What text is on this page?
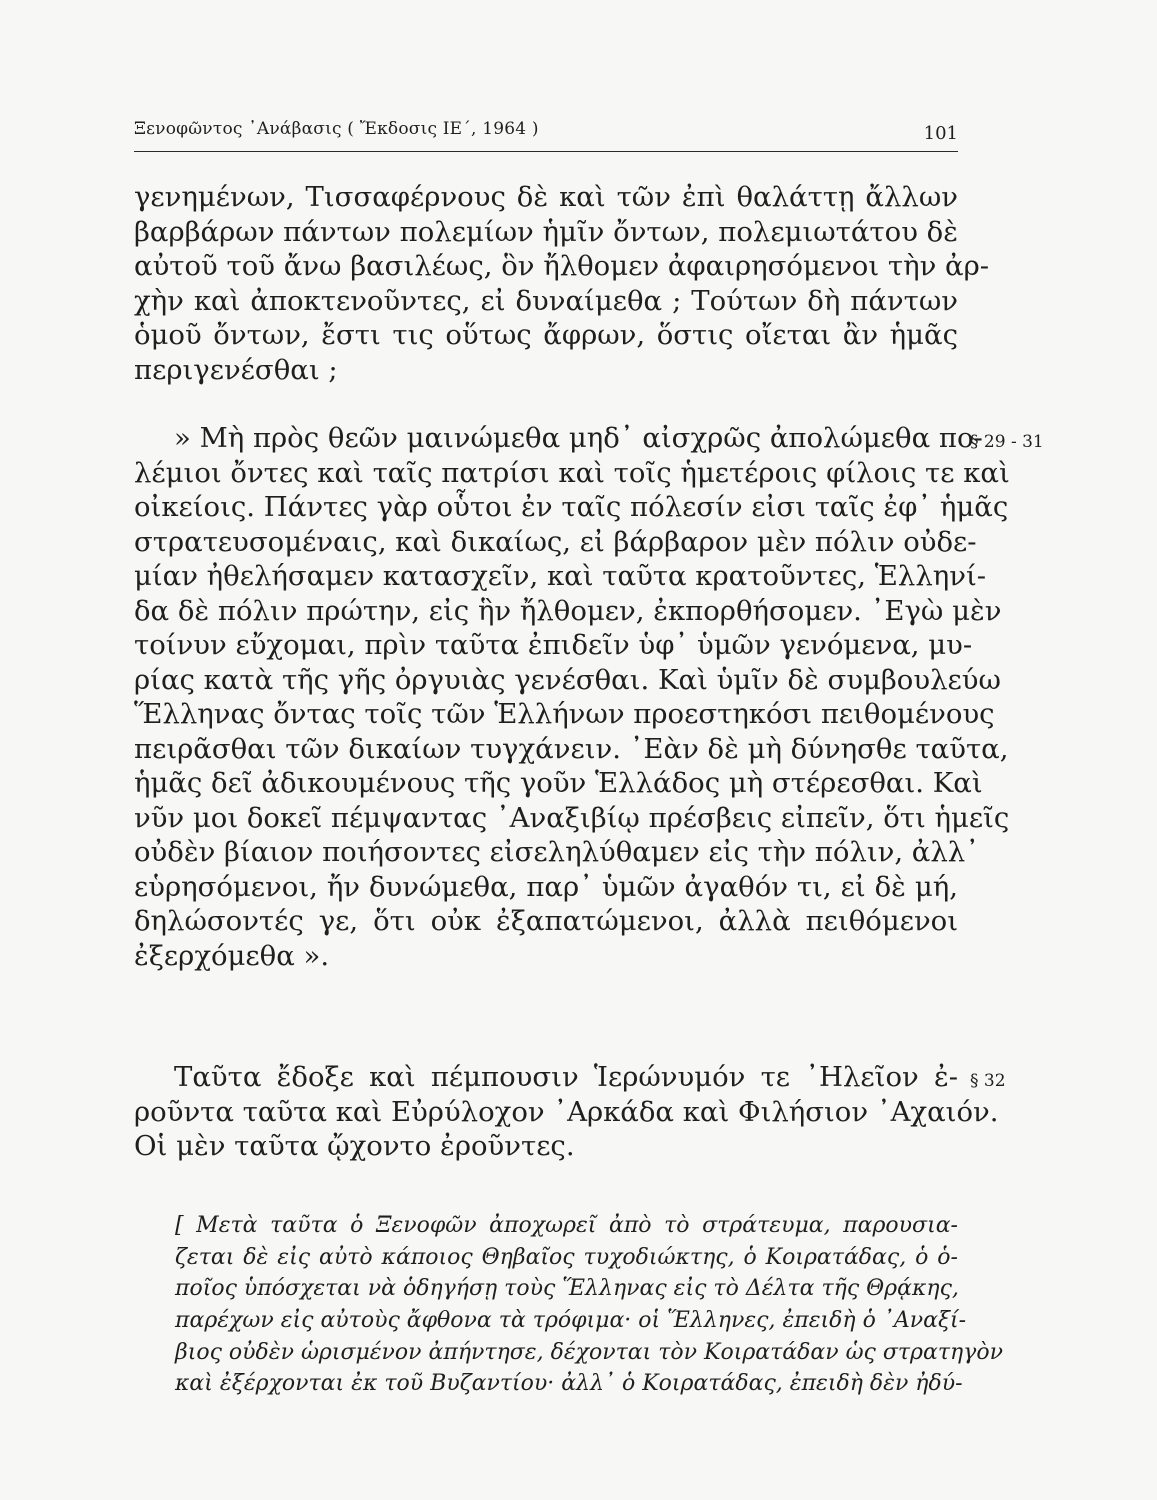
Ξενοφῶντος ᾽Ανάβασις ( Ἔκδοσις ΙΕ΄, 1964 )	101
γενημένων, Τισσαφέρνους δὲ καὶ τῶν ἐπὶ θαλάττῃ ἄλλων
βαρβάρων πάντων πολεμίων ἡμῖν ὄντων, πολεμιωτάτου δὲ
αὐτοῦ τοῦ ἄνω βασιλέως, ὃν ἤλθομεν ἀφαιρησόμενοι τὴν ἀρ-
χὴν καὶ ἀποκτενοῦντες, εἰ δυναίμεθα ; Τούτων δὴ πάντων
ὁμοῦ ὄντων, ἔστι τις οὕτως ἄφρων, ὅστις οἴεται ἂν ἡμᾶς
περιγενέσθαι ;
» Μὴ πρὸς θεῶν μαινώμεθα μηδ᾽ αἰσχρῶς ἀπολώμεθα πο-
λέμιοι ὄντες καὶ ταῖς πατρίσι καὶ τοῖς ἡμετέροις φίλοις τε καὶ
οἰκείοις. Πάντες γὰρ οὗτοι ἐν ταῖς πόλεσίν εἰσι ταῖς ἐφ᾽ ἡμᾶς
στρατευσομέναις, καὶ δικαίως, εἰ βάρβαρον μὲν πόλιν οὐδε-
μίαν ἠθελήσαμεν κατασχεῖν, καὶ ταῦτα κρατοῦντες, Ἑλληνί-
δα δὲ πόλιν πρώτην, εἰς ἣν ἤλθομεν, ἐκπορθήσομεν. ᾽Εγὼ μὲν
τοίνυν εὔχομαι, πρὶν ταῦτα ἐπιδεῖν ὑφ᾽ ὑμῶν γενόμενα, μυ-
ρίας κατὰ τῆς γῆς ὀργυιὰς γενέσθαι. Καὶ ὑμῖν δὲ συμβουλεύω
Ἕλληνας ὄντας τοῖς τῶν Ἑλλήνων προεστηκόσι πειθομένους
πειρᾶσθαι τῶν δικαίων τυγχάνειν. ᾽Εὰν δὲ μὴ δύνησθε ταῦτα,
ἡμᾶς δεῖ ἀδικουμένους τῆς γοῦν Ἑλλάδος μὴ στέρεσθαι. Καὶ
νῦν μοι δοκεῖ πέμψαντας ᾽Αναξιβίῳ πρέσβεις εἰπεῖν, ὅτι ἡμεῖς
οὐδὲν βίαιον ποιήσοντες εἰσεληλύθαμεν εἰς τὴν πόλιν, ἀλλ᾽
εὑρησόμενοι, ἤν δυνώμεθα, παρ᾽ ὑμῶν ἀγαθόν τι, εἰ δὲ μή,
δηλώσοντές γε, ὅτι οὐκ ἐξαπατώμενοι, ἀλλὰ πειθόμενοι
ἐξερχόμεθα ».
Ταῦτα ἔδοξε καὶ πέμπουσιν Ἱερώνυμόν τε ᾽Ηλεῖον ἐ-
ροῦντα ταῦτα καὶ Εὐρύλοχον ᾽Αρκάδα καὶ Φιλήσιον ᾽Αχαιόν.
Οἱ μὲν ταῦτα ᾤχοντο ἐροῦντες.
§ 29 - 31
§ 32
[ Μετὰ ταῦτα ὁ Ξενοφῶν ἀποχωρεῖ ἀπὸ τὸ στράτευμα, παρουσια-
ζεται δὲ εἰς αὐτὸ κάποιος Θηβαῖος τυχοδιώκτης, ὁ Κοιρατάδας, ὁ ὁ-
ποῖος ὑπόσχεται νὰ ὁδηγήσῃ τοὺς Ἕλληνας εἰς τὸ Δέλτα τῆς Θρᾴκης,
παρέχων εἰς αὐτοὺς ἄφθονα τὰ τρόφιμα· οἱ Ἕλληνες, ἐπειδὴ ὁ ᾽Αναξί-
βιος οὐδὲν ὡρισμένον ἀπήντησε, δέχονται τὸν Κοιρατάδαν ὡς στρατηγὸν
καὶ ἐξέρχονται ἐκ τοῦ Βυζαντίου· ἀλλ᾽ ὁ Κοιρατάδας, ἐπειδὴ δὲν ἠδύ-
